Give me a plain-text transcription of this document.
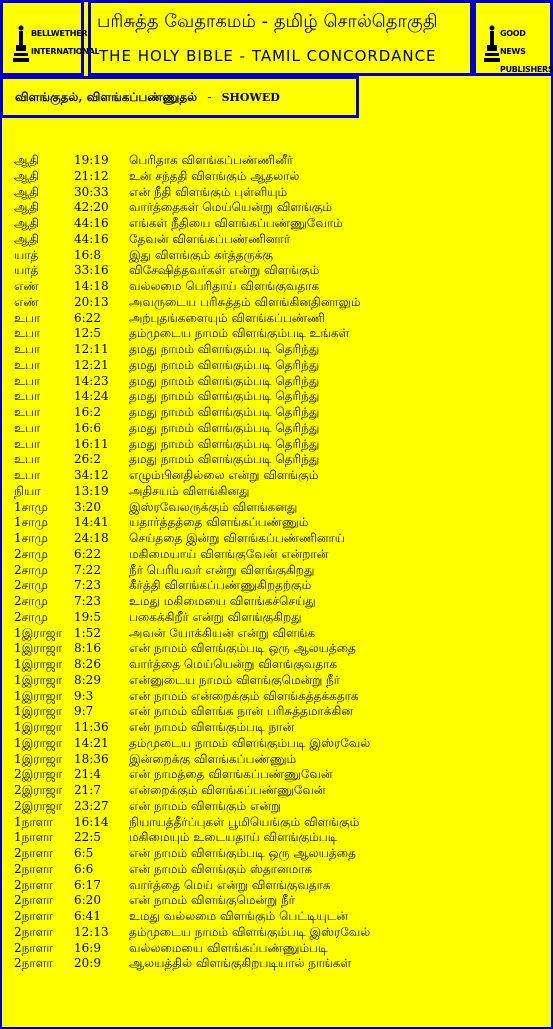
BELLWETHER
INTERNATIONAL
பரிசுத்த வேதாகமம் - தமிழ் சொல்தொகுதி
THE HOLY BIBLE - TAMIL CONCORDANCE
GOOD NEWS
PUBLISHERS
விளங்குதல், விளங்கப்பண்ணுதல் - SHOWED
ஆதி	19:19	பெரிதாக விளங்கப்பண்ணினீர்
ஆதி	21:12	உன் சந்ததி விளங்கும் ஆதலால்
ஆதி	30:33	என் நீதி விளங்கும் புள்ளியும்
ஆதி	42:20	வார்த்தைகள் மெய்யென்று விளங்கும்
ஆதி	44:16	எங்கள் நீதியை விளங்கப்பண்ணுவோம்
ஆதி	44:16	தேவன் விளங்கப்பண்ணினார்
யாத்	16:8	இது விளங்கும் கர்த்தருக்கு
யாத்	33:16	விசேஷித்தவர்கள் என்று விளங்கும்
எண்	14:18	வல்லமை பெரிதாய் விளங்குவதாக
எண்	20:13	அவருடைய பரிசுத்தம் விளங்கினதினாலும்
உபா	6:22	அற்புதங்களையும் விளங்கப்பண்ணி
உபா	12:5	தம்முடைய நாமம் விளங்கும்படி உங்கள்
உபா	12:11	தமது நாமம் விளங்கும்படி தெரிந்து
உபா	12:21	தமது நாமம் விளங்கும்படி தெரிந்து
உபா	14:23	தமது நாமம் விளங்கும்படி தெரிந்து
உபா	14:24	தமது நாமம் விளங்கும்படி தெரிந்து
உபா	16:2	தமது நாமம் விளங்கும்படி தெரிந்து
உபா	16:6	தமது நாமம் விளங்கும்படி தெரிந்து
உபா	16:11	தமது நாமம் விளங்கும்படி தெரிந்து
உபா	26:2	தமது நாமம் விளங்கும்படி தெரிந்து
உபா	34:12	எழும்பினதில்லை என்று விளங்கும்
நியா	13:19	அதிசயம் விளங்கினது
1சாமு	3:20	இஸ்ரவேலருக்கும் விளங்கனது
1சாமு	14:41	யதார்த்தத்தை விளங்கப்பண்ணும்
1சாமு	24:18	செய்ததை இன்று விளங்கப்பண்ணினாய்
2சாமு	6:22	மகிமையாய் விளங்குவேன் என்றான்
2சாமு	7:22	நீர் பெரியவர் என்று விளங்குகிறது
2சாமு	7:23	கீர்த்தி விளங்கப்பண்ணுகிறதற்கும்
2சாமு	7:23	உமது மகிமையை விளங்கச்செய்து
2சாமு	19:5	பகைக்கிறீர் என்று விளங்குகிறது
1இராஜா 1:52	அவன் யோக்கியன் என்று விளங்க
1இராஜா 8:16	என் நாமம் விளங்கும்படி ஒரு ஆலயத்தை
1இராஜா 8:26	வார்த்தை மெய்யென்று விளங்குவதாக
1இராஜா 8:29	என்னுடைய நாமம் விளங்குமென்று நீர்
1இராஜா 9:3	என் நாமம் என்றைக்கும் விளங்கத்தக்கதாக
1இராஜா 9:7	என் நாமம் விளங்க நான் பரிசுத்தமாக்கின
1இராஜா 11:36	என் நாமம் விளங்கும்படி நான்
1இராஜா 14:21	தம்முடைய நாமம் விளங்கும்படி இஸ்ரவேல்
1இராஜா 18:36	இன்றைக்கு விளங்கப்பண்ணும்
2இராஜா 21:4	என் நாமத்தை விளங்கப்பண்ணுவேன்
2இராஜா 21:7	என்றைக்கும் விளங்கப்பண்ணுவேன்
2இராஜா 23:27	என் நாமம் விளங்கும் என்று
1நாளா	16:14	நியாயத்தீர்ப்புகள் பூமியெங்கும் விளங்கும்
1நாளா	22:5	மகிமையும் உடையதாய் விளங்கும்படி
2நாளா	6:5	என் நாமம் விளங்கும்படி ஒரு ஆலயத்தை
2நாளா	6:6	என் நாமம் விளங்கும் ஸ்தானமாக
2நாளா	6:17	வார்த்தை மெய் என்று விளங்குவதாக
2நாளா	6:20	என் நாமம் விளங்குமென்று நீர்
2நாளா	6:41	உமது வல்லமை விளங்கும் பெட்டியுடன்
2நாளா	12:13	தம்முடைய நாமம் விளங்கும்படி இஸ்ரவேல்
2நாளா	16:9	வல்லமையை விளங்கப்பண்ணும்படி
2நாளா	20:9	ஆலயத்தில் விளங்குகிறபடியால் நாங்கள்
